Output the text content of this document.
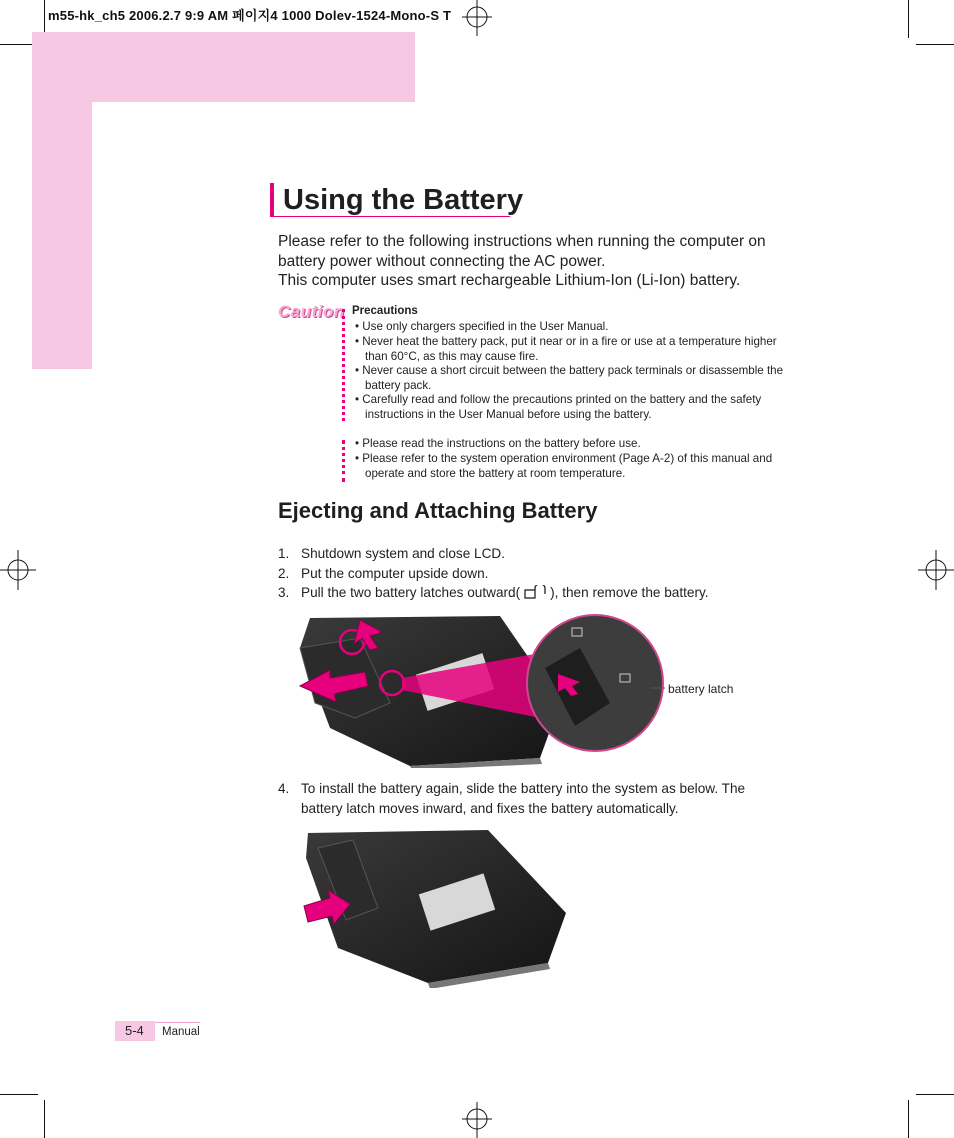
m55-hk_ch5 2006.2.7 9:9 AM 페이지4 1000 Dolev-1524-Mono-S T
Using the Battery
Please refer to the following instructions when running the computer on
battery power without connecting the AC power.
This computer uses smart rechargeable Lithium-Ion (Li-Ion) battery.
Caution Precautions
• Use only chargers specified in the User Manual.
• Never heat the battery pack, put it near or in a fire or use at a temperature higher
than 60°C, as this may cause fire.
• Never cause a short circuit between the battery pack terminals or disassemble the
battery pack.
• Carefully read and follow the precautions printed on the battery and the safety
instructions in the User Manual before using the battery.
• Please read the instructions on the battery before use.
• Please refer to the system operation environment (Page A-2) of this manual and
operate and store the battery at room temperature.
Ejecting and Attaching Battery
1. Shutdown system and close LCD.
2. Put the computer upside down.
3. Pull the two battery latches outward( ), then remove the battery.
battery latch
4. To install the battery again, slide the battery into the system as below. The battery latch moves inward, and fixes the battery automatically.
5-4	Manual
